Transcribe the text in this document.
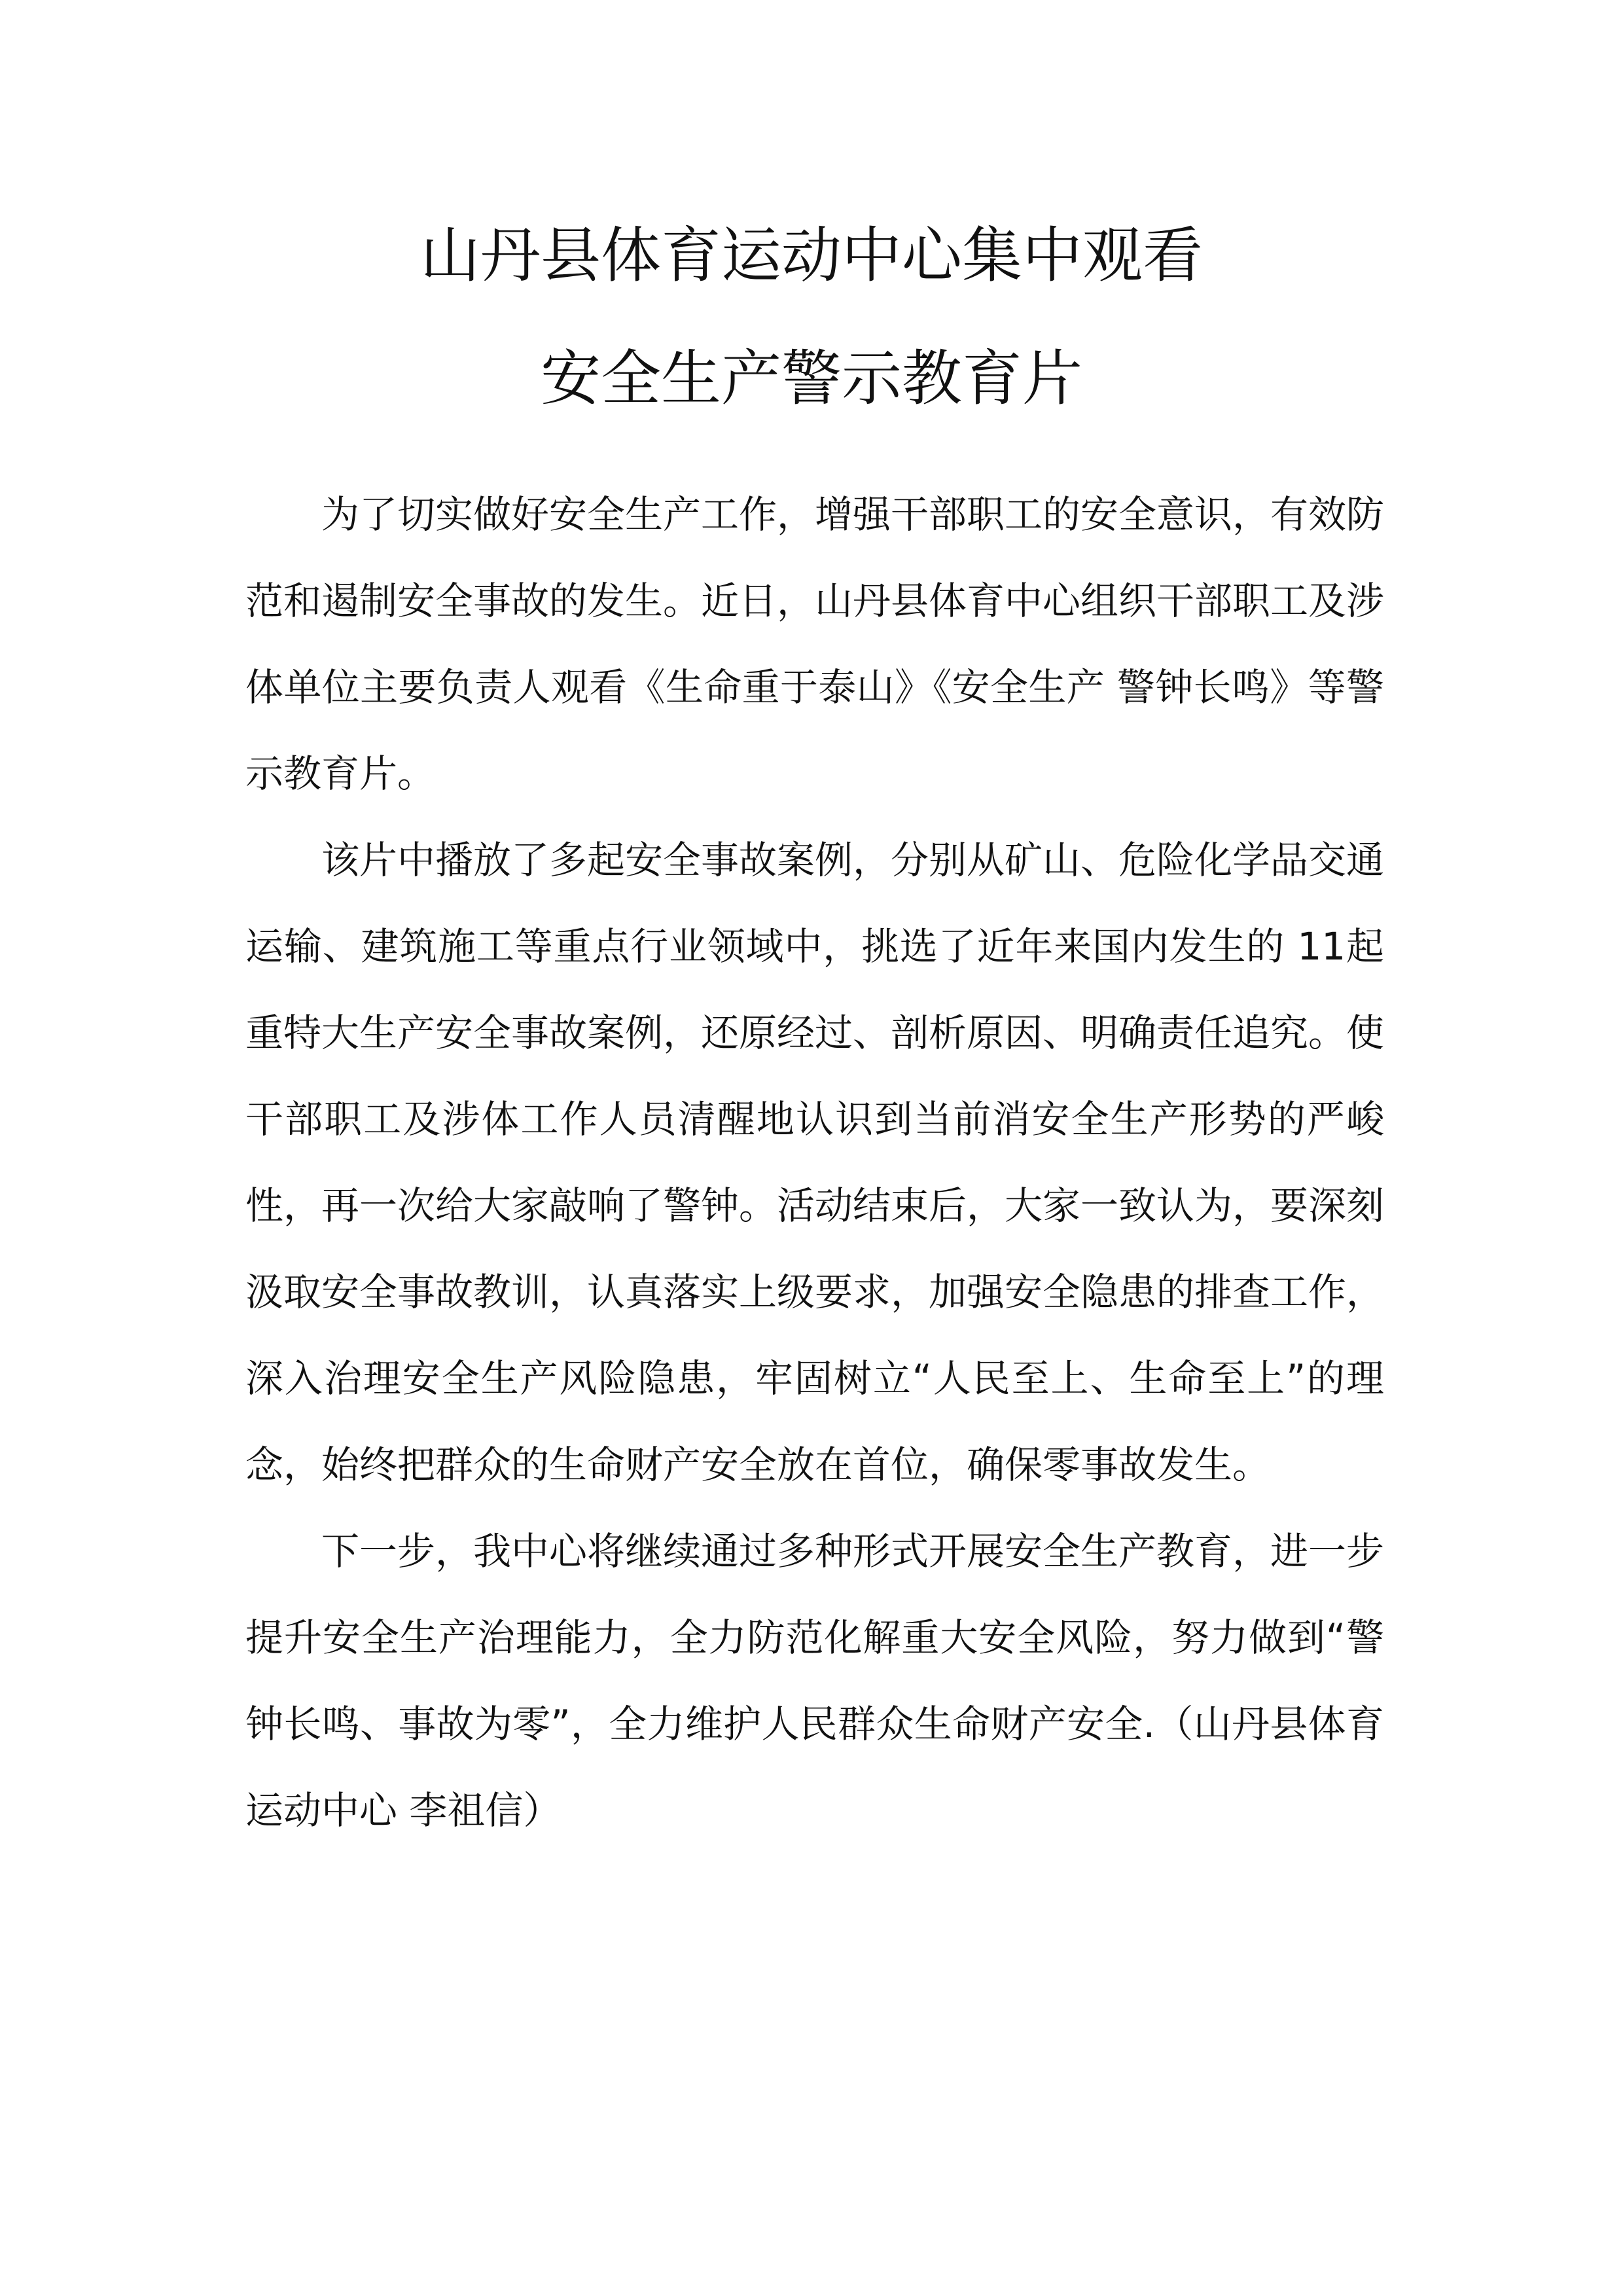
山丹县体育运动中心集中观看
安全生产警示教育片

为了切实做好安全生产工作，增强干部职工的安全意识，有效防范和遏制安全事故的发生。近日，山丹县体育中心组织干部职工及涉体单位主要负责人观看《生命重于泰山》《安全生产 警钟长鸣》等警示教育片。

该片中播放了多起安全事故案例，分别从矿山、危险化学品交通运输、建筑施工等重点行业领域中，挑选了近年来国内发生的 11起重特大生产安全事故案例，还原经过、剖析原因、明确责任追究。使干部职工及涉体工作人员清醒地认识到当前消安全生产形势的严峻性，再一次给大家敲响了警钟。活动结束后，大家一致认为，要深刻汲取安全事故教训，认真落实上级要求，加强安全隐患的排查工作，深入治理安全生产风险隐患，牢固树立“人民至上、生命至上”的理念，始终把群众的生命财产安全放在首位，确保零事故发生。

下一步，我中心将继续通过多种形式开展安全生产教育，进一步提升安全生产治理能力，全力防范化解重大安全风险，努力做到“警钟长鸣、事故为零”，全力维护人民群众生命财产安全.（山丹县体育运动中心 李祖信）
